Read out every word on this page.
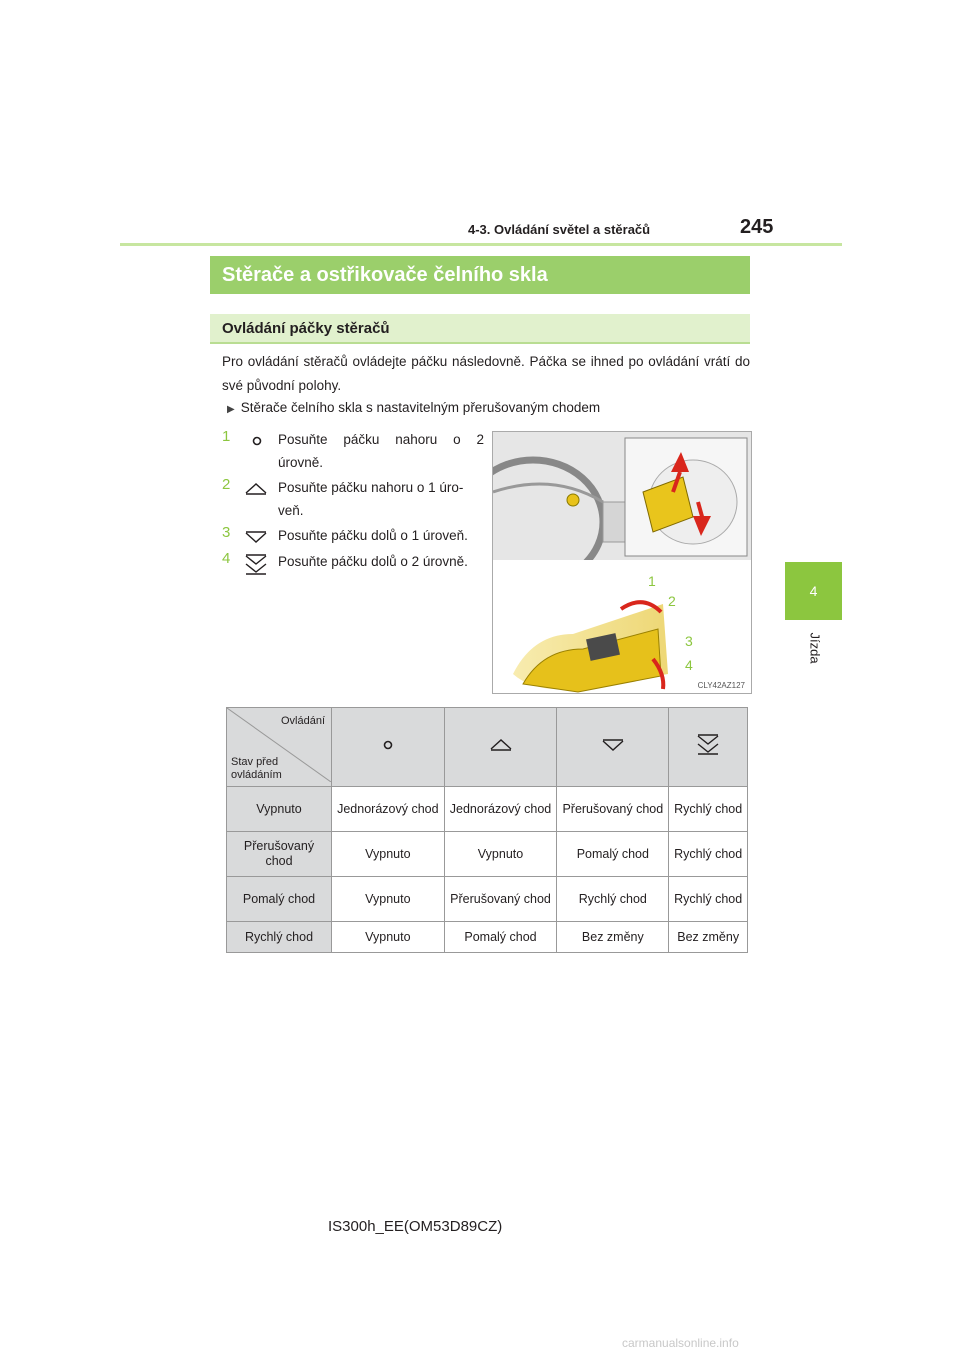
4-3. Ovládání světel a stěračů	245
4
Jízda
Stěrače a ostřikovače čelního skla
Ovládání páčky stěračů
Pro ovládání stěračů ovládejte páčku následovně. Páčka se ihned po ovládání vrátí do své původní polohy.
▶ Stěrače čelního skla s nastavitelným přerušovaným chodem
1	Posuňte páčku nahoru o 2 úrovně.
2	Posuňte páčku nahoru o 1 úro- veň.
3	Posuňte páčku dolů o 1 úroveň.
4	Posuňte páčku dolů o 2 úrovně.
1
2
3
4
CLY42AZ127
Ovládání
Stav před ovládáním

Vypnuto	Jednorázový chod	Jednorázový chod	Přerušovaný chod	Rychlý chod
Přerušovaný chod	Vypnuto	Vypnuto	Pomalý chod	Rychlý chod
Pomalý chod	Vypnuto	Přerušovaný chod	Rychlý chod	Rychlý chod
Rychlý chod	Vypnuto	Pomalý chod	Bez změny	Bez změny
IS300h_EE(OM53D89CZ)
carmanualsonline.info
